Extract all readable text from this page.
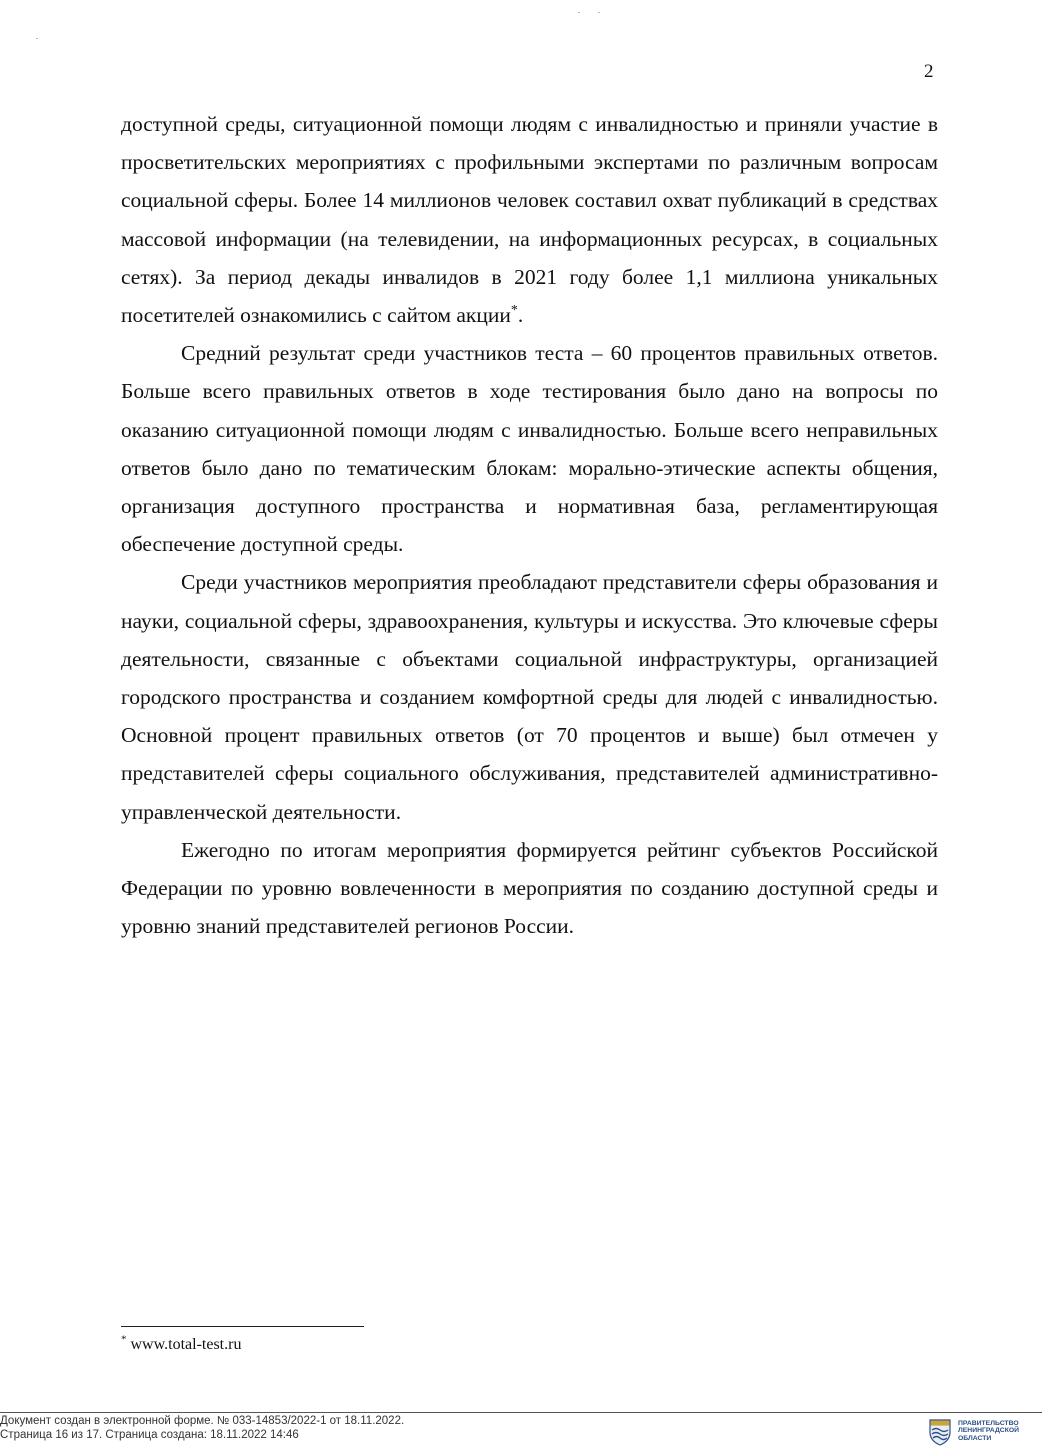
2

доступной среды, ситуационной помощи людям с инвалидностью и приняли участие в просветительских мероприятиях с профильными экспертами по различным вопросам социальной сферы. Более 14 миллионов человек составил охват публикаций в средствах массовой информации (на телевидении, на информационных ресурсах, в социальных сетях). За период декады инвалидов в 2021 году более 1,1 миллиона уникальных посетителей ознакомились с сайтом акции*.

Средний результат среди участников теста – 60 процентов правильных ответов. Больше всего правильных ответов в ходе тестирования было дано на вопросы по оказанию ситуационной помощи людям с инвалидностью. Больше всего неправильных ответов было дано по тематическим блокам: морально-этические аспекты общения, организация доступного пространства и нормативная база, регламентирующая обеспечение доступной среды.

Среди участников мероприятия преобладают представители сферы образования и науки, социальной сферы, здравоохранения, культуры и искусства. Это ключевые сферы деятельности, связанные с объектами социальной инфраструктуры, организацией городского пространства и созданием комфортной среды для людей с инвалидностью. Основной процент правильных ответов (от 70 процентов и выше) был отмечен у представителей сферы социального обслуживания, представителей административно-управленческой деятельности.

Ежегодно по итогам мероприятия формируется рейтинг субъектов Российской Федерации по уровню вовлеченности в мероприятия по созданию доступной среды и уровню знаний представителей регионов России.

* www.total-test.ru
Документ создан в электронной форме. № 033-14853/2022-1 от 18.11.2022.
Страница 16 из 17. Страница создана: 18.11.2022 14:46
ПРАВИТЕЛЬСТВО
ЛЕНИНГРАДСКОЙ
ОБЛАСТИ
